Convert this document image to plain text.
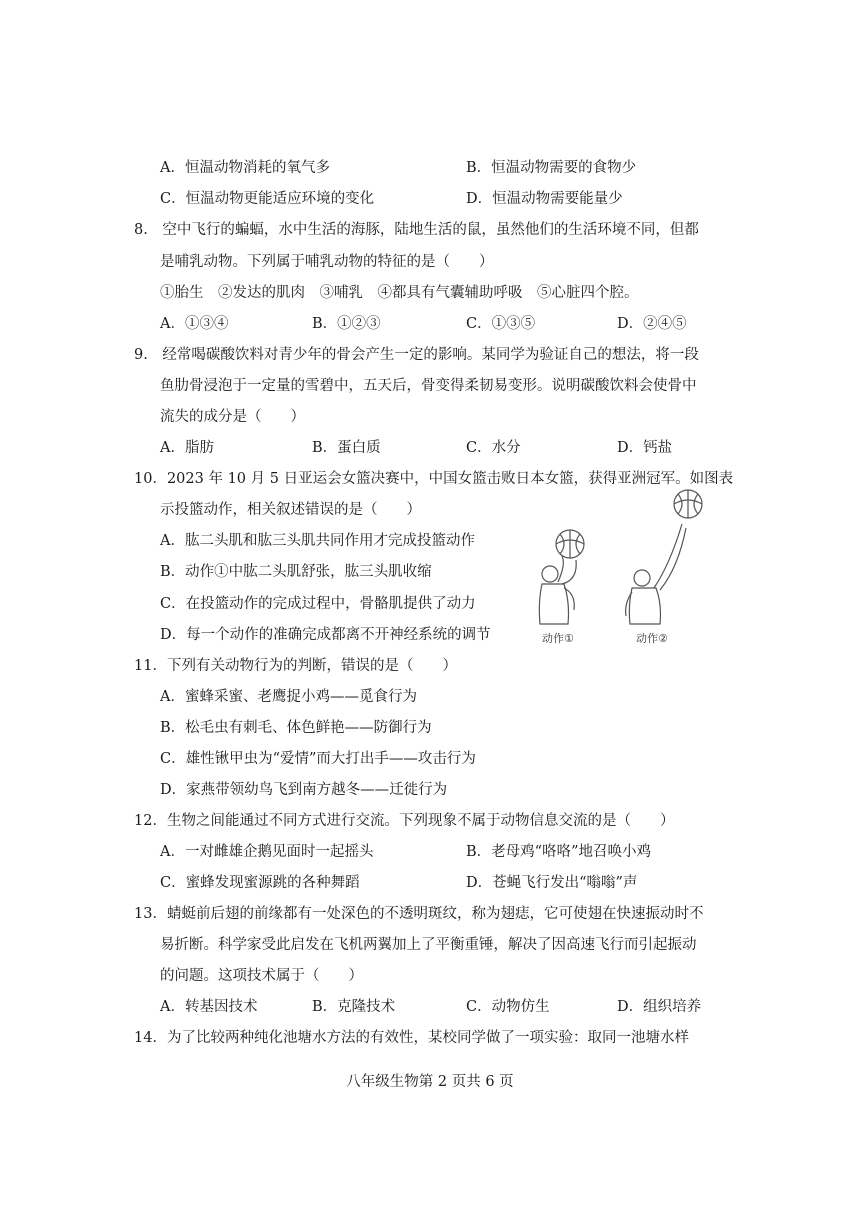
A．恒温动物消耗的氧气多	B．恒温动物需要的食物少
C．恒温动物更能适应环境的变化	D．恒温动物需要能量少
8.　空中飞行的蝙蝠，水中生活的海豚，陆地生活的鼠，虽然他们的生活环境不同，但都
是哺乳动物。下列属于哺乳动物的特征的是（　　）
①胎生　②发达的肌肉　③哺乳　④都具有气囊辅助呼吸　⑤心脏四个腔。
A．①③④	B．①②③	C．①③⑤	D．②④⑤
9.　经常喝碳酸饮料对青少年的骨会产生一定的影响。某同学为验证自己的想法，将一段
鱼肋骨浸泡于一定量的雪碧中，五天后，骨变得柔韧易变形。说明碳酸饮料会使骨中
流失的成分是（　　）
A．脂肪	B．蛋白质	C．水分	D．钙盐
10．2023 年 10 月 5 日亚运会女篮决赛中，中国女篮击败日本女篮，获得亚洲冠军。如图表
示投篮动作，相关叙述错误的是（　　）
A．肱二头肌和肱三头肌共同作用才完成投篮动作
B．动作①中肱二头肌舒张，肱三头肌收缩
C．在投篮动作的完成过程中，骨骼肌提供了动力
D．每一个动作的准确完成都离不开神经系统的调节	动作①	动作②
11．下列有关动物行为的判断，错误的是（　　）
A．蜜蜂采蜜、老鹰捉小鸡——觅食行为
B．松毛虫有刺毛、体色鲜艳——防御行为
C．雄性锹甲虫为“爱情”而大打出手——攻击行为
D．家燕带领幼鸟飞到南方越冬——迁徙行为
12．生物之间能通过不同方式进行交流。下列现象不属于动物信息交流的是（　　）
A．一对雌雄企鹅见面时一起摇头	B．老母鸡“咯咯”地召唤小鸡
C．蜜蜂发现蜜源跳的各种舞蹈	D．苍蝇飞行发出“嗡嗡”声
13．蜻蜓前后翅的前缘都有一处深色的不透明斑纹，称为翅痣，它可使翅在快速振动时不
易折断。科学家受此启发在飞机两翼加上了平衡重锤，解决了因高速飞行而引起振动
的问题。这项技术属于（　　）
A．转基因技术	B．克隆技术	C．动物仿生	D．组织培养
14．为了比较两种纯化池塘水方法的有效性，某校同学做了一项实验：取同一池塘水样
八年级生物第 2 页共 6 页
